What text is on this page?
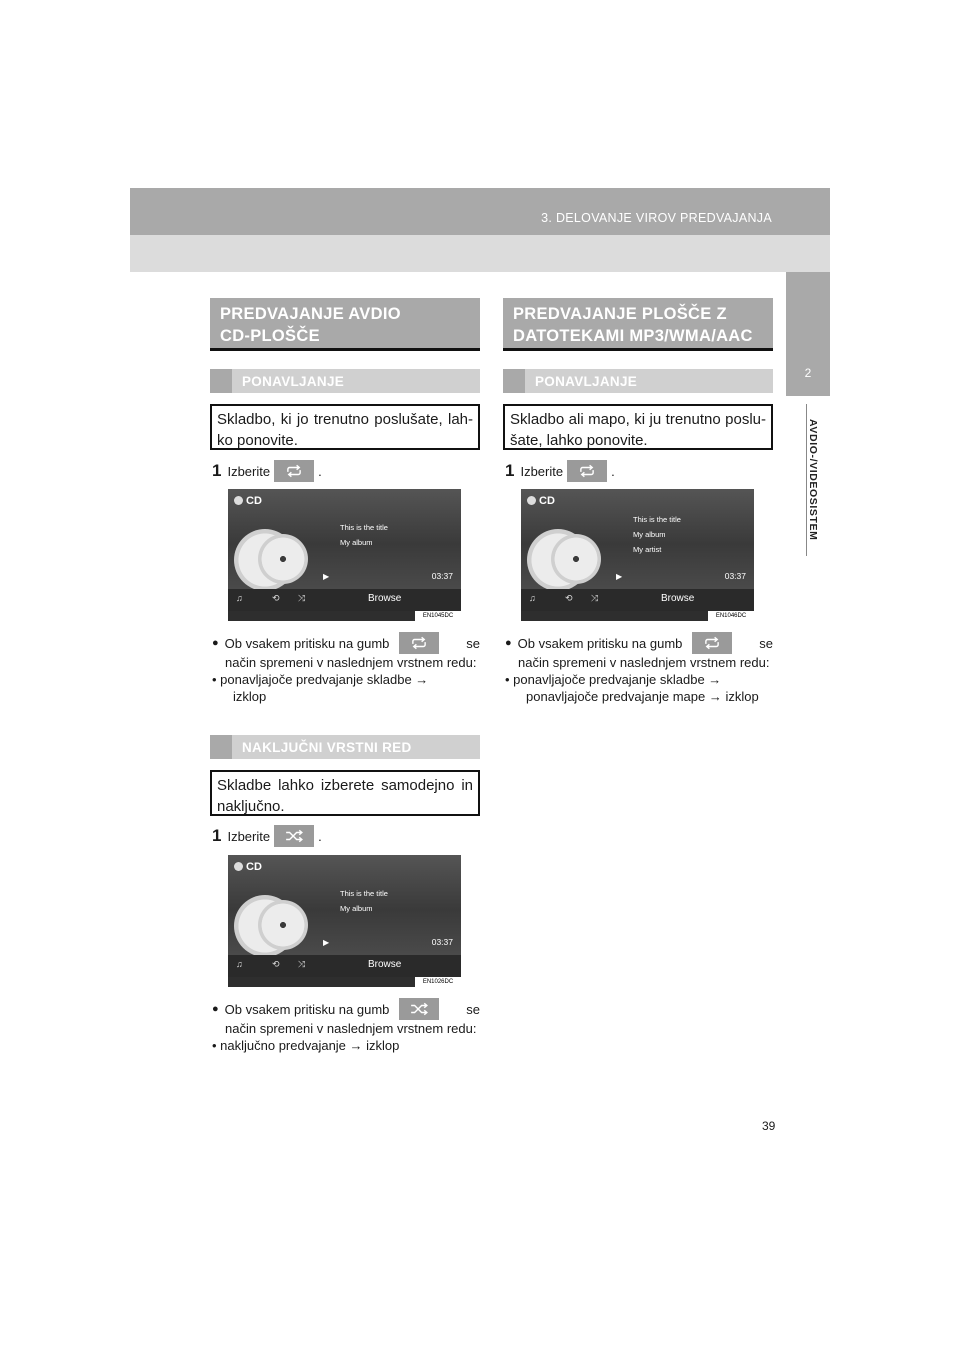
3. DELOVANJE VIROV PREDVAJANJA
2
AVDIO-/VIDEOSISTEM
PREDVAJANJE AVDIO
CD-PLOŠČE
PONAVLJANJE
Skladbo, ki jo trenutno poslušate, lah-ko ponovite.
1 Izberite	.
CD
This is the title
My album
▶	03:37
♫	⟲ ⤨	Browse
EN1045DC
● Ob vsakem pritisku na gumb	se
način spremeni v naslednjem vrstnem redu:
• ponavljajoče predvajanje skladbe →
izklop
NAKLJUČNI VRSTNI RED
Skladbe lahko izberete samodejno in naključno.
1 Izberite	.
CD
This is the title
My album
▶	03:37
♫	⟲ ⤨	Browse
EN1026DC
● Ob vsakem pritisku na gumb	se
način spremeni v naslednjem vrstnem redu:
• naključno predvajanje → izklop
PREDVAJANJE PLOŠČE Z
DATOTEKAMI MP3/WMA/AAC
PONAVLJANJE
Skladbo ali mapo, ki ju trenutno poslu-šate, lahko ponovite.
1 Izberite	.
CD
This is the title
My album
My artist
▶	03:37
♫	⟲ ⤨	Browse
EN1046DC
● Ob vsakem pritisku na gumb	se
način spremeni v naslednjem vrstnem redu:
• ponavljajoče predvajanje skladbe →
ponavljajoče predvajanje mape → izklop
39
